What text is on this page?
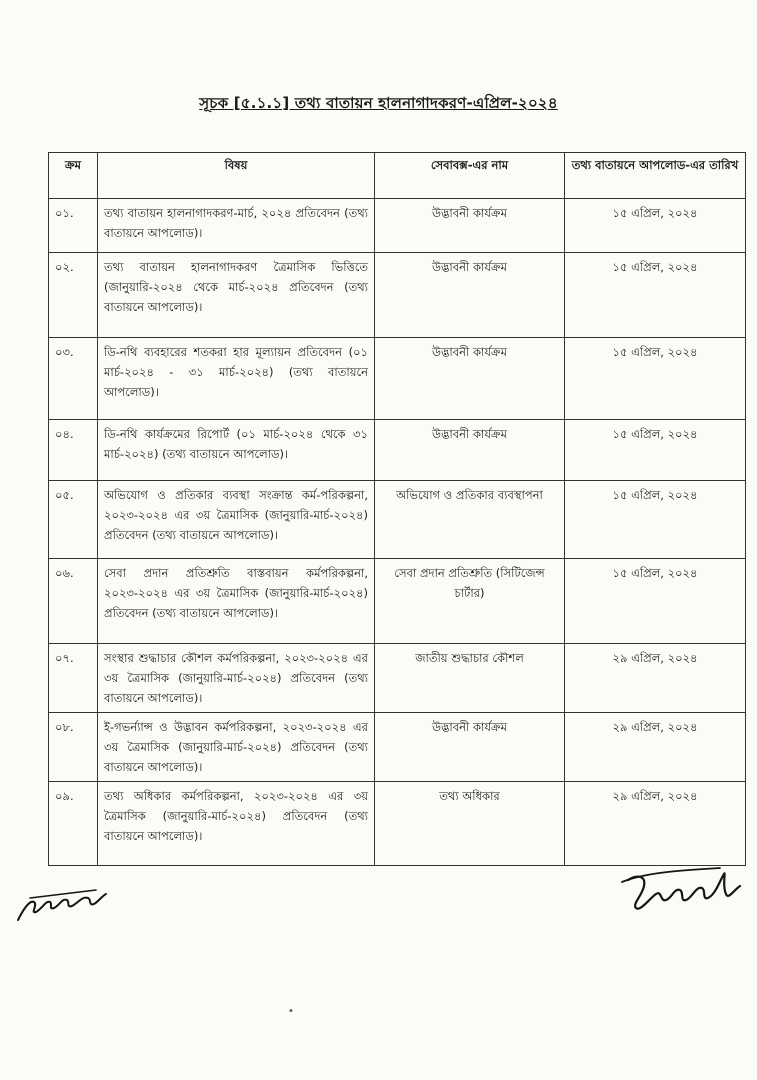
সূচক [৫.১.১] তথ্য বাতায়ন হালনাগাদকরণ-এপ্রিল-২০২৪
ক্রম	বিষয়	সেবাবক্স-এর নাম	তথ্য বাতায়নে আপলোড-এর তারিখ
০১.	তথ্য বাতায়ন হালনাগাদকরণ-মার্চ, ২০২৪ প্রতিবেদন (তথ্য বাতায়নে আপলোড)।	উদ্ভাবনী কার্যক্রম	১৫ এপ্রিল, ২০২৪
০২.	তথ্য বাতায়ন হালনাগাদকরণ ত্রৈমাসিক ভিত্তিতে (জানুয়ারি-২০২৪ থেকে মার্চ-২০২৪ প্রতিবেদন (তথ্য বাতায়নে আপলোড)।	উদ্ভাবনী কার্যক্রম	১৫ এপ্রিল, ২০২৪
০৩.	ডি-নথি ব্যবহারের শতকরা হার মূল্যায়ন প্রতিবেদন (০১ মার্চ-২০২৪ - ৩১ মার্চ-২০২৪) (তথ্য বাতায়নে আপলোড)।	উদ্ভাবনী কার্যক্রম	১৫ এপ্রিল, ২০২৪
০৪.	ডি-নথি কার্যক্রমের রিপোর্ট (০১ মার্চ-২০২৪ থেকে ৩১ মার্চ-২০২৪) (তথ্য বাতায়নে আপলোড)।	উদ্ভাবনী কার্যক্রম	১৫ এপ্রিল, ২০২৪
০৫.	অভিযোগ ও প্রতিকার ব্যবস্থা সংক্রান্ত কর্ম-পরিকল্পনা, ২০২৩-২০২৪ এর ৩য় ত্রৈমাসিক (জানুয়ারি-মার্চ-২০২৪) প্রতিবেদন (তথ্য বাতায়নে আপলোড)।	অভিযোগ ও প্রতিকার ব্যবস্থাপনা	১৫ এপ্রিল, ২০২৪
০৬.	সেবা প্রদান প্রতিশ্রুতি বাস্তবায়ন কর্মপরিকল্পনা, ২০২৩-২০২৪ এর ৩য় ত্রৈমাসিক (জানুয়ারি-মার্চ-২০২৪) প্রতিবেদন (তথ্য বাতায়নে আপলোড)।	সেবা প্রদান প্রতিশ্রুতি (সিটিজেন্স চার্টার)	১৫ এপ্রিল, ২০২৪
০৭.	সংস্থার শুদ্ধাচার কৌশল কর্মপরিকল্পনা, ২০২৩-২০২৪ এর ৩য় ত্রৈমাসিক (জানুয়ারি-মার্চ-২০২৪) প্রতিবেদন (তথ্য বাতায়নে আপলোড)।	জাতীয় শুদ্ধাচার কৌশল	২৯ এপ্রিল, ২০২৪
০৮.	ই-গভর্ন্যান্স ও উদ্ভাবন কর্মপরিকল্পনা, ২০২৩-২০২৪ এর ৩য় ত্রৈমাসিক (জানুয়ারি-মার্চ-২০২৪) প্রতিবেদন (তথ্য বাতায়নে আপলোড)।	উদ্ভাবনী কার্যক্রম	২৯ এপ্রিল, ২০২৪
০৯.	তথ্য অধিকার কর্মপরিকল্পনা, ২০২৩-২০২৪ এর ৩য় ত্রৈমাসিক (জানুয়ারি-মার্চ-২০২৪) প্রতিবেদন (তথ্য বাতায়নে আপলোড)।	তথ্য অধিকার	২৯ এপ্রিল, ২০২৪
•
